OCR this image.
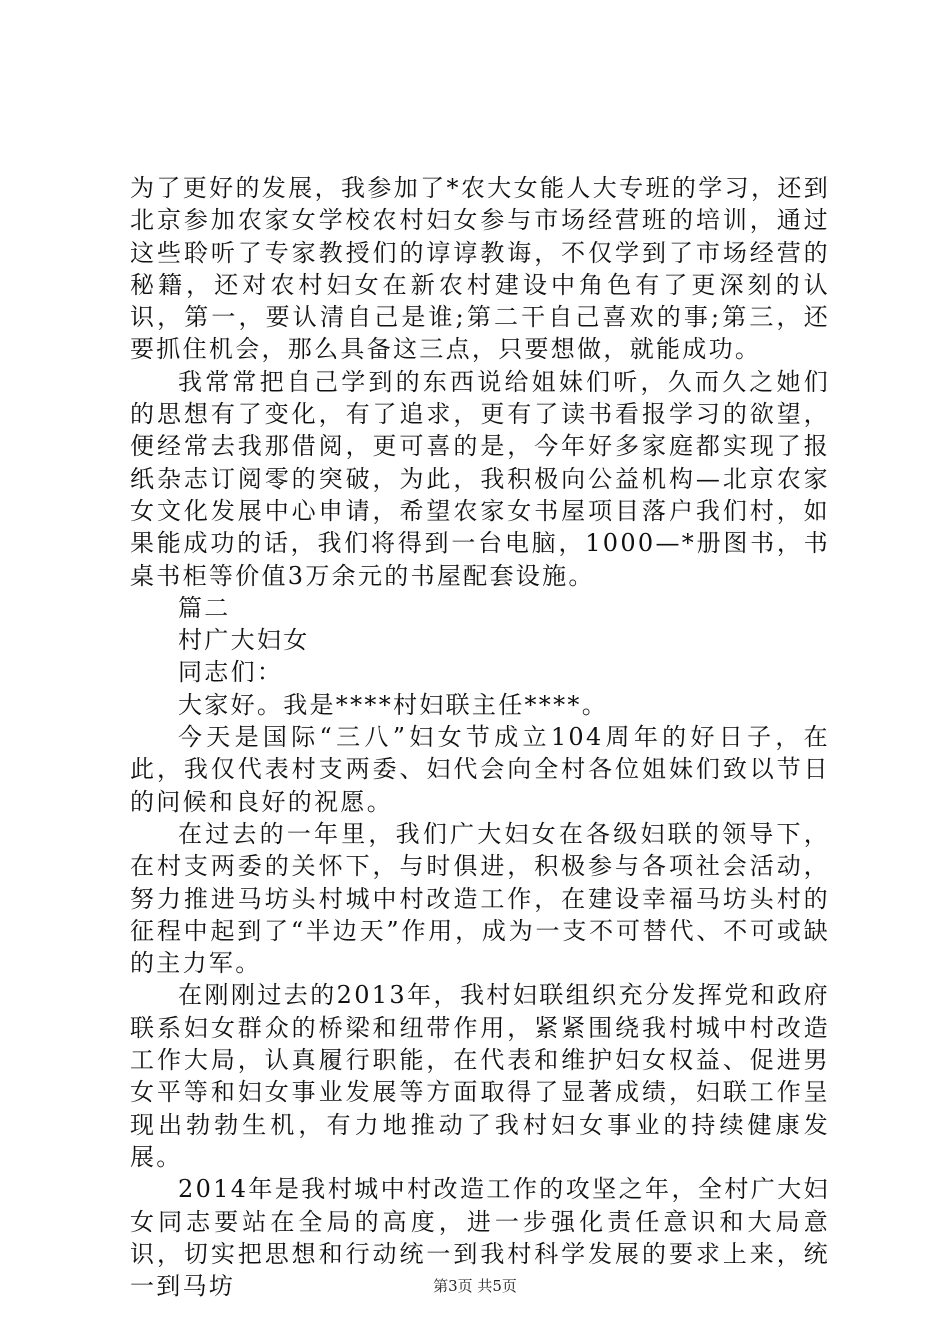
为了更好的发展，我参加了*农大女能人大专班的学习，还到北京参加农家女学校农村妇女参与市场经营班的培训，通过这些聆听了专家教授们的谆谆教诲，不仅学到了市场经营的秘籍，还对农村妇女在新农村建设中角色有了更深刻的认识，第一，要认清自己是谁;第二干自己喜欢的事;第三，还要抓住机会，那么具备这三点，只要想做，就能成功。

我常常把自己学到的东西说给姐妹们听，久而久之她们的思想有了变化，有了追求，更有了读书看报学习的欲望，便经常去我那借阅，更可喜的是，今年好多家庭都实现了报纸杂志订阅零的突破，为此，我积极向公益机构—北京农家女文化发展中心申请，希望农家女书屋项目落户我们村，如果能成功的话，我们将得到一台电脑，1000—*册图书，书桌书柜等价值3万余元的书屋配套设施。

篇二

村广大妇女

同志们：

大家好。我是****村妇联主任****。

今天是国际“三八”妇女节成立104周年的好日子，在此，我仅代表村支两委、妇代会向全村各位姐妹们致以节日的问候和良好的祝愿。

在过去的一年里，我们广大妇女在各级妇联的领导下，在村支两委的关怀下，与时俱进，积极参与各项社会活动，努力推进马坊头村城中村改造工作，在建设幸福马坊头村的征程中起到了“半边天”作用，成为一支不可替代、不可或缺的主力军。

在刚刚过去的2013年，我村妇联组织充分发挥党和政府联系妇女群众的桥梁和纽带作用，紧紧围绕我村城中村改造工作大局，认真履行职能，在代表和维护妇女权益、促进男女平等和妇女事业发展等方面取得了显著成绩，妇联工作呈现出勃勃生机，有力地推动了我村妇女事业的持续健康发展。

2014年是我村城中村改造工作的攻坚之年，全村广大妇女同志要站在全局的高度，进一步强化责任意识和大局意识，切实把思想和行动统一到我村科学发展的要求上来，统一到马坊	第3页 共5页
